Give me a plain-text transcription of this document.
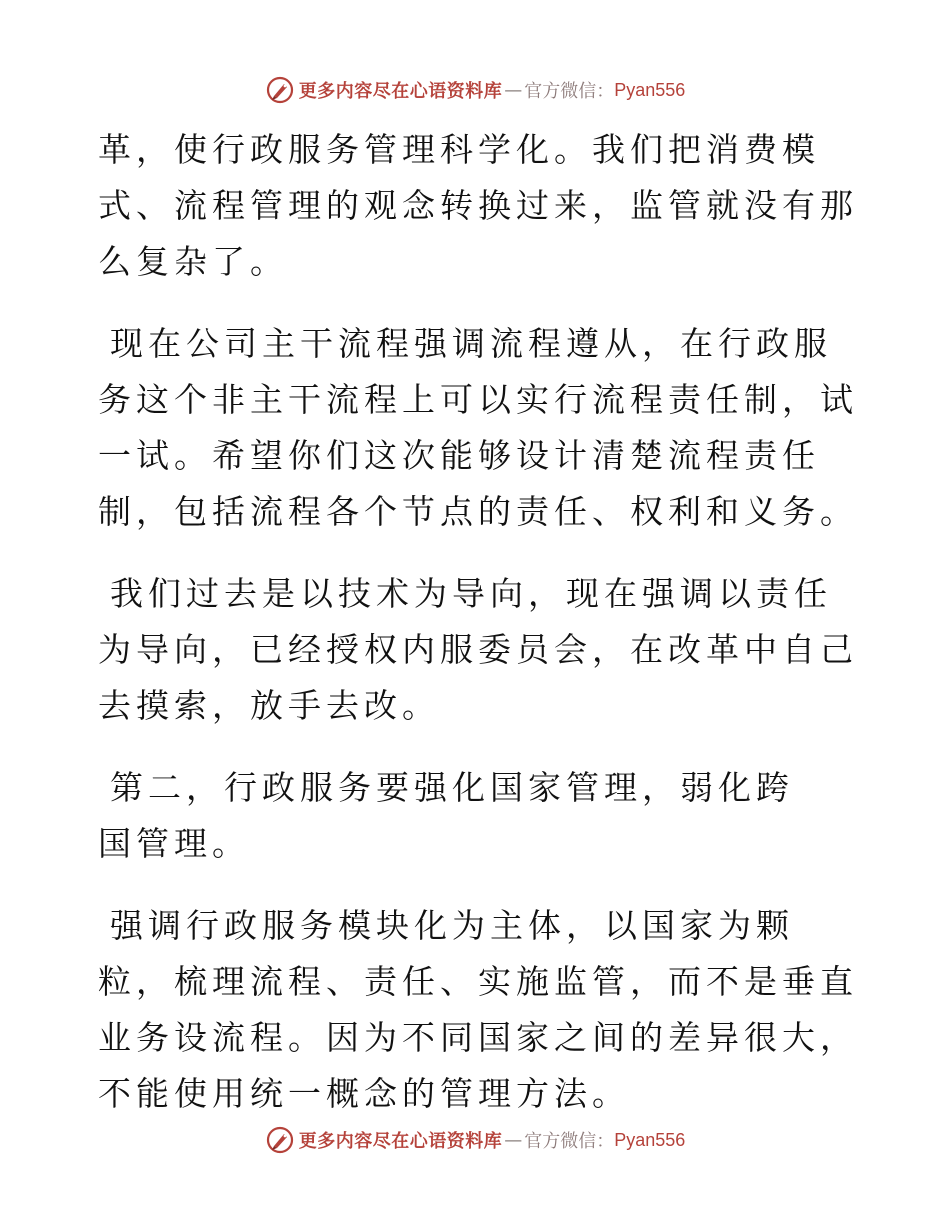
更多内容尽在心语资料库 — 官方微信： Pyan556

革，使行政服务管理科学化。我们把消费模式、流程管理的观念转换过来，监管就没有那么复杂了。

现在公司主干流程强调流程遵从，在行政服务这个非主干流程上可以实行流程责任制，试一试。希望你们这次能够设计清楚流程责任制，包括流程各个节点的责任、权利和义务。

我们过去是以技术为导向，现在强调以责任为导向，已经授权内服委员会，在改革中自己去摸索，放手去改。

第二，行政服务要强化国家管理，弱化跨国管理。

强调行政服务模块化为主体，以国家为颗粒，梳理流程、责任、实施监管，而不是垂直业务设流程。因为不同国家之间的差异很大，不能使用统一概念的管理方法。

更多内容尽在心语资料库 — 官方微信： Pyan556
